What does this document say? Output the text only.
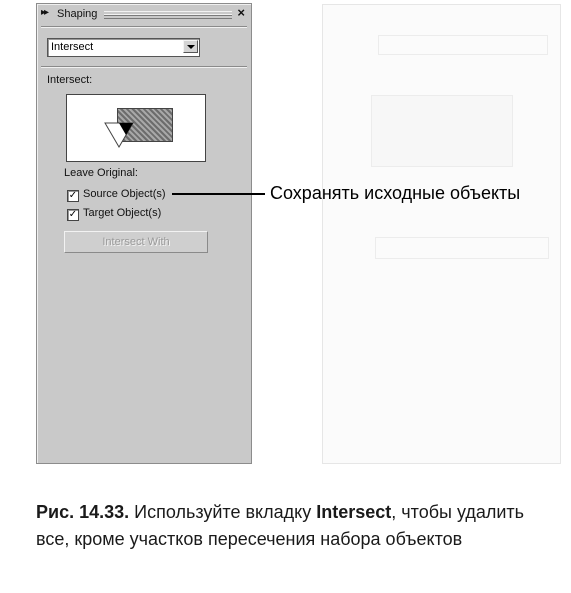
▸▸ Shaping	×
Intersect
Intersect:
Leave Original:
✓ Source Object(s)
✓ Target Object(s)
Intersect With
Сохранять исходные объекты
Рис. 14.33. Используйте вкладку Intersect, чтобы удалить все, кроме участков пересечения набора объектов
